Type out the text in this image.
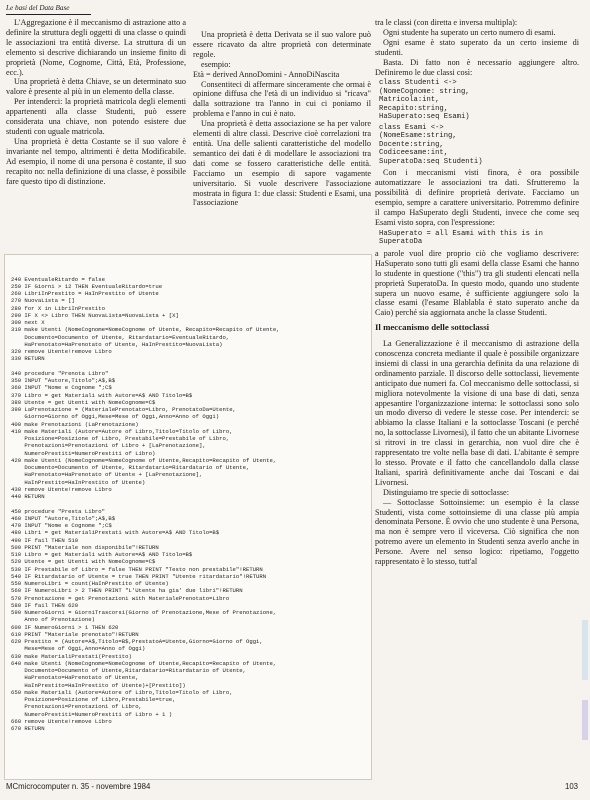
Le basi del Data Base

L'Aggregazione è il meccanismo di astrazione atto a definire la struttura degli oggetti di una classe o quindi le associazioni tra entità diverse. La struttura di un elemento si descrive dichiarando un insieme finito di proprietà (Nome, Cognome, Città, Età, Professione, ecc.).

Una proprietà è detta Chiave, se un determinato suo valore è presente al più in un elemento della classe.

Per intenderci: la proprietà matricola degli elementi appartenenti alla classe Studenti, può essere considerata una chiave, non potendo esistere due studenti con uguale matricola.

Una proprietà è detta Costante se il suo valore è invariante nel tempo, altrimenti è detta Modificabile. Ad esempio, il nome di una persona è costante, il suo recapito no: nella definizione di una classe, è possibile fare questo tipo di distinzione.

Una proprietà è detta Derivata se il suo valore può essere ricavato da altre proprietà con determinate regole.

esempio:

Età = derived AnnoDomini - AnnoDiNascita

Consentiteci di affermare sinceramente che ormai è opinione diffusa che l'età di un individuo si "ricava" dalla sottrazione tra l'anno in cui ci poniamo il problema e l'anno in cui è nato.

Una proprietà è detta associazione se ha per valore elementi di altre classi. Descrive cioè correlazioni tra entità. Una delle salienti caratteristiche del modello semantico dei dati è di modellare le associazioni tra dati come se fossero caratteristiche delle entità. Facciamo un esempio di sapore vagamente universitario. Si vuole descrivere l'associazione mostrata in figura 1: due classi: Studenti e Esami, una l'associazione

tra le classi (con diretta e inversa multipla):

Ogni studente ha superato un certo numero di esami.

Ogni esame è stato superato da un certo insieme di studenti.

Basta. Di fatto non è necessario aggiungere altro. Definiremo le due classi così:

class Studenti <->
(NomeCognome: string,
Matricola:int,
Recapito:string,
HaSuperato:seq Esami)
class Esami <->
(NomeEsame:string,
Docente:string,
Codiceesame:int,
SuperatoDa:seq Studenti)

Con i meccanismi visti finora, è ora possibile automatizzare le associazioni tra dati. Sfrutteremo la possibilità di definire proprietà derivate. Facciamo un esempio, sempre a carattere universitario. Potremmo definire il campo HaSuperato degli Studenti, invece che come seq Esami visto sopra, con l'espressione:

HaSuperato = all Esami with this is in SuperatoDa

a parole vuol dire proprio ciò che vogliamo descrivere: HaSuperato sono tutti gli esami della classe Esami che hanno lo studente in questione ("this") tra gli studenti elencati nella proprietà SuperatoDa. In questo modo, quando uno studente supera un nuovo esame, è sufficiente aggiungere solo la classe esami (l'esame Blablabla è stato superato anche da Caio) perché sia aggiornata anche la classe Studenti.

Il meccanismo delle sottoclassi

La Generalizzazione è il meccanismo di astrazione della conoscenza concreta mediante il quale è possibile organizzare insiemi di classi in una gerarchia definita da una relazione di ordinamento parziale. Il discorso delle sottoclassi, lievemente anticipato due numeri fa. Col meccanismo delle sottoclassi, si migliora notevolmente la visione di una base di dati, senza appesantire l'organizzazione interna: le sottoclassi sono solo un modo diverso di vedere le stesse cose. Per intenderci: se abbiamo la classe Italiani e la sottoclasse Toscani (e perché no, la sottoclasse Livornesi), il fatto che un abitante Livornese si ritrovi in tre classi in gerarchia, non vuol dire che è rappresentato tre volte nella base di dati. L'abitante è sempre lo stesso. Provate e il fatto che cancellandolo dalla classe Italiani, sparirà definitivamente anche dai Toscani e dai Livornesi.

Distinguiamo tre specie di sottoclasse:

— Sottoclasse Sottoinsieme: un esempio è la classe Studenti, vista come sottoinsieme di una classe più ampia denominata Persone. È ovvio che uno studente è una Persona, ma non è sempre vero il viceversa. Ciò significa che non potremo avere un elemento in Studenti senza averlo anche in Persone. Avere nel senso logico: ripetiamo, l'oggetto rappresentato è lo stesso, tutt'al

240 EventualeRitardo = false
250 IF Giorni > 12 THEN EventualeRitardo=true
260 LibriInPrestito = HaInPrestito of Utente
270 NuovaLista = []
280 for X in LibriInPrestito
290 IF X <> Libro THEN NuovaLista=NuovaLista + [X]
300 next X
310 make Utenti (NomeCognome=NomeCognome of Utente, Recapito=Recapito of Utente,
Documento=Documento of Utente, Ritardatario=EventualeRitardo,
HaPrenotato=HaPrenotato of Utente, HaInPrestito=NuovaLista)
320 remove Utente!remove Libro
330 RETURN
340 procedure "Prenota Libro"
350 INPUT "Autore,Titolo";A$,B$
360 INPUT "Nome e Cognome ";C$
370 Libro = get Materiali with Autore=A$ AND Titolo=B$
380 Utente = get Utenti with NomeCognome=C$
390 LaPrenotazione = (MaterialePrenotato=Libro, PrenotatoDa=Utente,
Giorno=Giorno of Oggi,Mese=Mese of Oggi,Anno=Anno of Oggi)
400 make Prenotazioni (LaPrenotazione)
410 make Materiali (Autore=Autore of Libro,Titolo=Titolo of Libro,
Posizione=Posizione of Libro, Prestabile=Prestabile of Libro,
Prenotazioni=Prenotazioni of Libro + [LaPrenotazione],
NumeroPrestiti=NumeroPrestiti of Libro)
420 make Utenti (NomeCognome=NomeCognome of Utente,Recapito=Recapito of Utente,
Documento=Documento of Utente, Ritardatario=Ritardatario of Utente,
HaPrenotato=HaPrenotato of Utente + [LaPrenotazione],
HaInPrestito=HaInPrestito of Utente)
430 remove Utente!remove Libro
440 RETURN
450 procedure "Presta Libro"
460 INPUT "Autore,Titolo";A$,B$
470 INPUT "Nome e Cognome ";C$
480 Libri = get MaterialiPrestati with Autore=A$ AND Titolo=B$
490 IF fail THEN 510
500 PRINT "Materiale non disponibile"!RETURN
510 Libro = get Materiali with Autore=A$ AND Titolo=B$
520 Utente = get Utenti with NomeCognome=C$
530 IF Prestabile of Libro = false THEN PRINT "Testo non prestabile"!RETURN
540 IF Ritardatario of Utente = true THEN PRINT "Utente ritardatario"!RETURN
550 NumeroLibri = count(HaInPrestito of Utente)
560 IF NumeroLibri > 2 THEN PRINT "L'Utente ha gia' due libri"!RETURN
570 Prenotazione = get Prenotazioni with MaterialePrenotato=Libro
580 IF fail THEN 620
590 NumeroGiorni = GiorniTrascorsi(Giorno of Prenotazione,Mese of Prenotazione,
Anno of Prenotazione)
600 IF NumeroGiorni > 1 THEN 620
610 PRINT "Materiale prenotato"!RETURN
620 Prestito = (Autore=A$,Titolo=B$,PrestatoA=Utente,Giorno=Giorno of Oggi,
Mese=Mese of Oggi,Anno=Anno of Oggi)
630 make MaterialiPrestati(Prestito)
640 make Utenti (NomeCognome=NomeCognome of Utente,Recapito=Recapito of Utente,
Documento=Documento of Utente,Ritardatario=Ritardatario of Utente,
HaPrenotato=HaPrenotato of Utente,
HaInPrestito=HaInPrestito of Utente)+[Prestito])
650 make Materiali (Autore=Autore of Libro,Titolo=Titolo of Libro,
Posizione=Posizione of Libro,Prestabile=true,
Prenotazioni=Prenotazioni of Libro,
NumeroPrestiti=NumeroPrestiti of Libro + 1 )
660 remove Utente!remove Libro
670 RETURN

MCmicrocomputer n. 35 - novembre 1984	103
